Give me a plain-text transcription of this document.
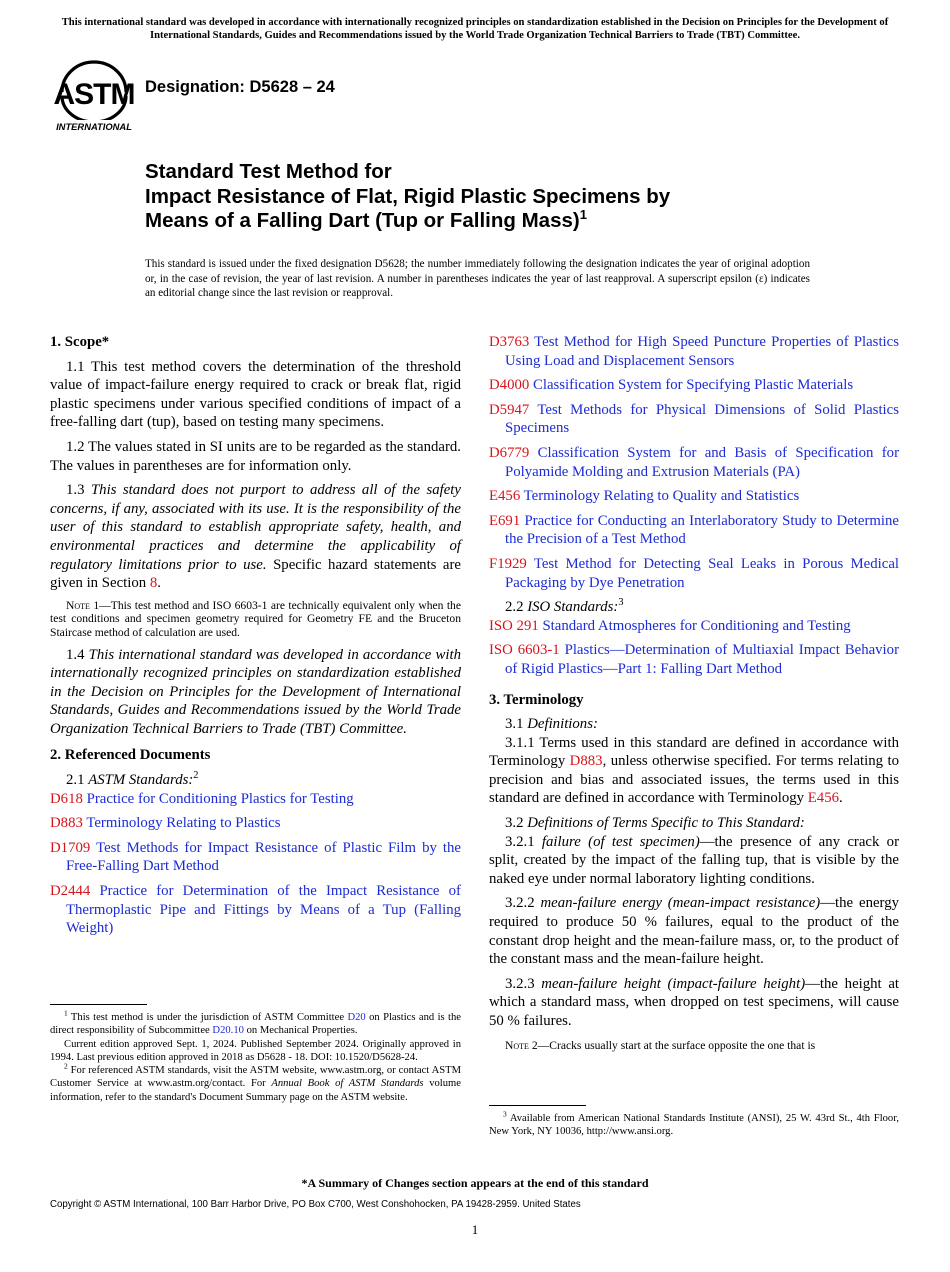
This international standard was developed in accordance with internationally recognized principles on standardization established in the Decision on Principles for the Development of International Standards, Guides and Recommendations issued by the World Trade Organization Technical Barriers to Trade (TBT) Committee.
ASTM
INTERNATIONAL
Designation: D5628 – 24
Standard Test Method for
Impact Resistance of Flat, Rigid Plastic Specimens by
Means of a Falling Dart (Tup or Falling Mass)$^1$
This standard is issued under the fixed designation D5628; the number immediately following the designation indicates the year of original adoption or, in the case of revision, the year of last revision. A number in parentheses indicates the year of last reapproval. A superscript epsilon (ε) indicates an editorial change since the last revision or reapproval.
1. Scope*

1.1 This test method covers the determination of the threshold value of impact-failure energy required to crack or break flat, rigid plastic specimens under various specified conditions of impact of a free-falling dart (tup), based on testing many specimens.

1.2 The values stated in SI units are to be regarded as the standard. The values in parentheses are for information only.

1.3 This standard does not purport to address all of the safety concerns, if any, associated with its use. It is the responsibility of the user of this standard to establish appropriate safety, health, and environmental practices and determine the applicability of regulatory limitations prior to use. Specific hazard statements are given in Section 8.

Note 1—This test method and ISO 6603-1 are technically equivalent only when the test conditions and specimen geometry required for Geometry FE and the Bruceton Staircase method of calculation are used.

1.4 This international standard was developed in accordance with internationally recognized principles on standardization established in the Decision on Principles for the Development of International Standards, Guides and Recommendations issued by the World Trade Organization Technical Barriers to Trade (TBT) Committee.

2. Referenced Documents

2.1 ASTM Standards:$^2$

D618 Practice for Conditioning Plastics for Testing

D883 Terminology Relating to Plastics

D1709 Test Methods for Impact Resistance of Plastic Film by the Free-Falling Dart Method

D2444 Practice for Determination of the Impact Resistance of Thermoplastic Pipe and Fittings by Means of a Tup (Falling Weight)

D3763 Test Method for High Speed Puncture Properties of Plastics Using Load and Displacement Sensors

D4000 Classification System for Specifying Plastic Materials

D5947 Test Methods for Physical Dimensions of Solid Plastics Specimens

D6779 Classification System for and Basis of Specification for Polyamide Molding and Extrusion Materials (PA)

E456 Terminology Relating to Quality and Statistics

E691 Practice for Conducting an Interlaboratory Study to Determine the Precision of a Test Method

F1929 Test Method for Detecting Seal Leaks in Porous Medical Packaging by Dye Penetration

2.2 ISO Standards:$^3$

ISO 291 Standard Atmospheres for Conditioning and Testing

ISO 6603-1 Plastics—Determination of Multiaxial Impact Behavior of Rigid Plastics—Part 1: Falling Dart Method

3. Terminology

3.1 Definitions:

3.1.1 Terms used in this standard are defined in accordance with Terminology D883, unless otherwise specified. For terms relating to precision and bias and associated issues, the terms used in this standard are defined in accordance with Terminology E456.

3.2 Definitions of Terms Specific to This Standard:

3.2.1 failure (of test specimen)—the presence of any crack or split, created by the impact of the falling tup, that is visible by the naked eye under normal laboratory lighting conditions.

3.2.2 mean-failure energy (mean-impact resistance)—the energy required to produce 50 % failures, equal to the product of the constant drop height and the mean-failure mass, or, to the product of the constant mass and the mean-failure height.

3.2.3 mean-failure height (impact-failure height)—the height at which a standard mass, when dropped on test specimens, will cause 50 % failures.

Note 2—Cracks usually start at the surface opposite the one that is

$^1$ This test method is under the jurisdiction of ASTM Committee D20 on Plastics and is the direct responsibility of Subcommittee D20.10 on Mechanical Properties.

Current edition approved Sept. 1, 2024. Published September 2024. Originally approved in 1994. Last previous edition approved in 2018 as D5628 - 18. DOI: 10.1520/D5628-24.

$^2$ For referenced ASTM standards, visit the ASTM website, www.astm.org, or contact ASTM Customer Service at www.astm.org/contact. For Annual Book of ASTM Standards volume information, refer to the standard's Document Summary page on the ASTM website.

$^3$ Available from American National Standards Institute (ANSI), 25 W. 43rd St., 4th Floor, New York, NY 10036, http://www.ansi.org.

*A Summary of Changes section appears at the end of this standard
Copyright © ASTM International, 100 Barr Harbor Drive, PO Box C700, West Conshohocken, PA 19428-2959. United States
1
